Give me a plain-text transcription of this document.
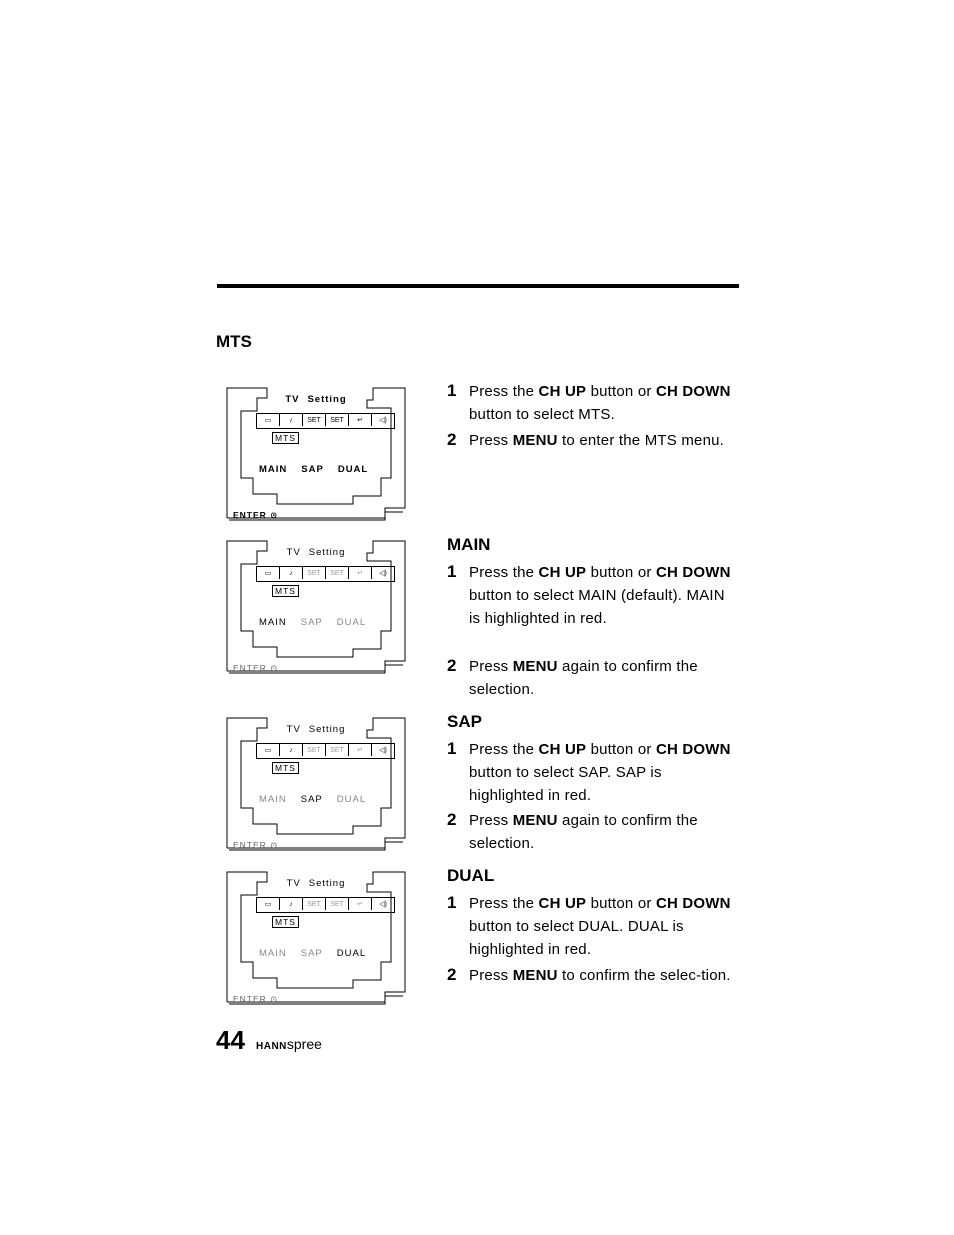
MTS
TV Setting
▭	♪	SET	SET	↵	◁)
MTS
MAIN SAP DUAL
ENTER ⊙
TV Setting
▭	♪	SET	SET	↵	◁)
MTS
MAIN SAP DUAL
ENTER ⊙
TV Setting
▭	♪	SET	SET	↵	◁)
MTS
MAIN SAP DUAL
ENTER ⊙
TV Setting
▭	♪	SET	SET	↵	◁)
MTS
MAIN SAP DUAL
ENTER ⊙
1 Press the CH UP button or CH DOWN button to select MTS.
2 Press MENU to enter the MTS menu.
MAIN
1 Press the CH UP button or CH DOWN button to select MAIN (default). MAIN is highlighted in red.
2 Press MENU again to confirm the selection.
SAP
1 Press the CH UP button or CH DOWN button to select SAP. SAP is highlighted in red.
2 Press MENU again to confirm the selection.
DUAL
1 Press the CH UP button or CH DOWN button to select DUAL. DUAL is highlighted in red.
2 Press MENU to confirm the selec-tion.
44 HANNspree
